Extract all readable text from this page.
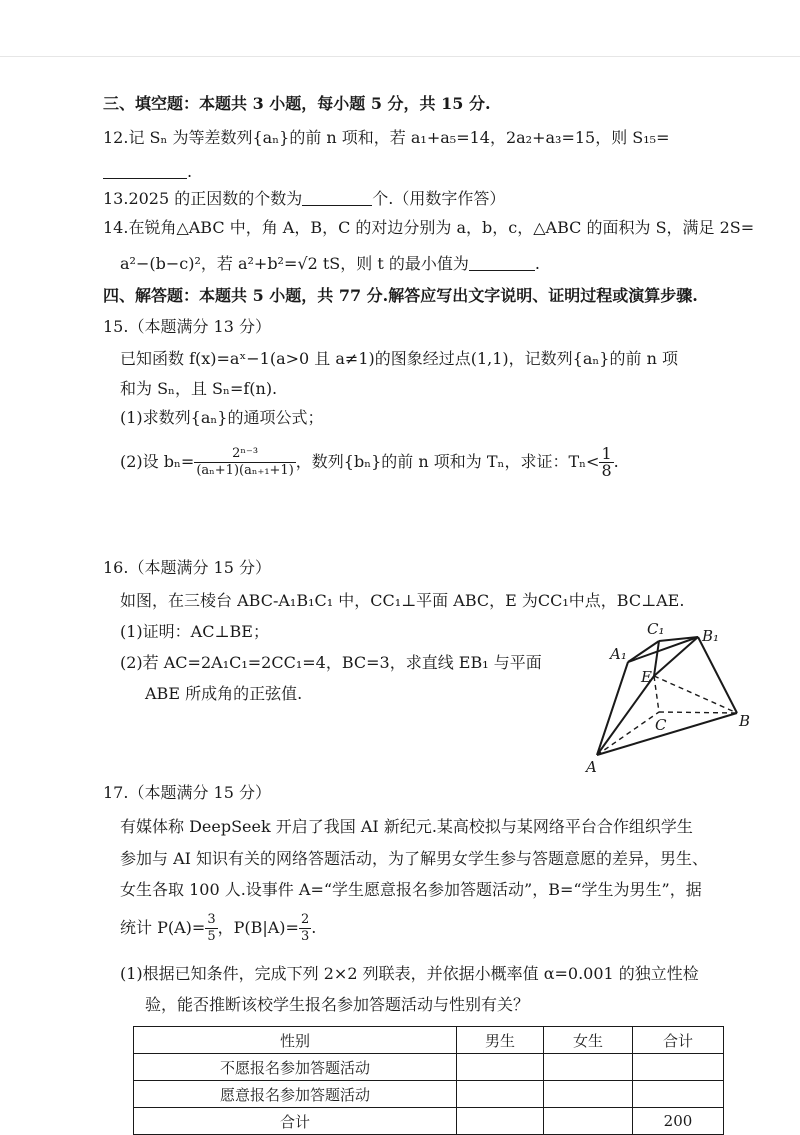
三、填空题：本题共 3 小题，每小题 5 分，共 15 分.
12.记 Sₙ 为等差数列{aₙ}的前 n 项和，若 a₁+a₅=14，2a₂+a₃=15，则 S₁₅=
.
13.2025 的正因数的个数为	个.（用数字作答）
14.在锐角△ABC 中，角 A，B，C 的对边分别为 a，b，c，△ABC 的面积为 S，满足 2S=
a²−(b−c)²，若 a²+b²=√2 tS，则 t 的最小值为	.
四、解答题：本题共 5 小题，共 77 分.解答应写出文字说明、证明过程或演算步骤.
15.（本题满分 13 分）
已知函数 f(x)=aˣ−1(a>0 且 a≠1)的图象经过点(1,1)，记数列{aₙ}的前 n 项
和为 Sₙ，且 Sₙ=f(n).
(1)求数列{aₙ}的通项公式；
(2)设 $b_n= \frac{\text{2ⁿ⁻³}}{\text{(aₙ+1)(aₙ₊₁+1)}}$ ，数列{bₙ}的前 n 项和为 Tₙ，求证：$T_n< \frac{1}{8}$ .
16.（本题满分 15 分）
如图，在三棱台 ABC-A₁B₁C₁ 中，CC₁⊥平面 ABC，E 为CC₁中点，BC⊥AE.
(1)证明：AC⊥BE；
(2)若 AC=2A₁C₁=2CC₁=4，BC=3，求直线 EB₁ 与平面
ABE 所成角的正弦值.
A₁
C₁	B₁
E
C	B
A
17.（本题满分 15 分）
有媒体称 DeepSeek 开启了我国 AI 新纪元.某高校拟与某网络平台合作组织学生
参加与 AI 知识有关的网络答题活动，为了解男女学生参与答题意愿的差异，男生、
女生各取 100 人.设事件 A=“学生愿意报名参加答题活动”，B=“学生为男生”，据
统计 $P(A)= \frac{3}{5}$ ，$P(B|A)= \frac{2}{3}$ .
(1)根据已知条件，完成下列 2×2 列联表，并依据小概率值 α=0.001 的独立性检
验，能否推断该校学生报名参加答题活动与性别有关？
性别	男生	女生	合计
不愿报名参加答题活动			
愿意报名参加答题活动			
合计			200
